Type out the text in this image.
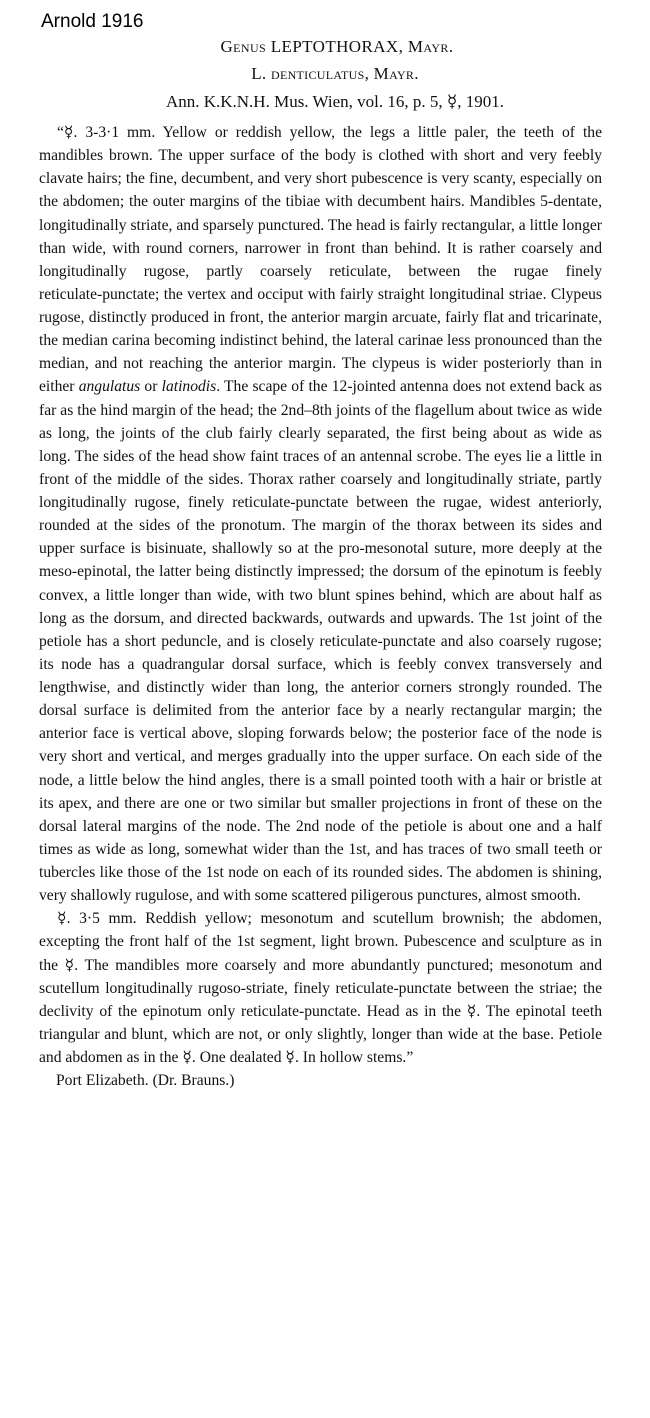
Arnold 1916
Genus LEPTOTHORAX, Mayr.
L. denticulatus, Mayr.
Ann. K.K.N.H. Mus. Wien, vol. 16, p. 5, ☿, 1901.

“☿. 3‑3·1 mm. Yellow or reddish yellow, the legs a little paler, the teeth of the mandibles brown. The upper surface of the body is clothed with short and very feebly clavate hairs; the fine, decumbent, and very short pubescence is very scanty, especially on the abdomen; the outer margins of the tibiae with decumbent hairs. Mandibles 5‑dentate, longitudinally striate, and sparsely punctured. The head is fairly rectangular, a little longer than wide, with round corners, narrower in front than behind. It is rather coarsely and longitudinally rugose, partly coarsely reticulate, between the rugae finely reticulate‑punctate; the vertex and occiput with fairly straight longitudinal striae. Clypeus rugose, distinctly produced in front, the anterior margin arcuate, fairly flat and tricarinate, the median carina becoming indistinct behind, the lateral carinae less pronounced than the median, and not reaching the anterior margin. The clypeus is wider posteriorly than in either angulatus or latinodis. The scape of the 12‑jointed antenna does not extend back as far as the hind margin of the head; the 2nd–8th joints of the flagellum about twice as wide as long, the joints of the club fairly clearly separated, the first being about as wide as long. The sides of the head show faint traces of an antennal scrobe. The eyes lie a little in front of the middle of the sides. Thorax rather coarsely and longitudinally striate, partly longitudinally rugose, finely reticulate‑punctate between the rugae, widest anteriorly, rounded at the sides of the pronotum. The margin of the thorax between its sides and upper surface is bisinuate, shallowly so at the pro‑mesonotal suture, more deeply at the meso‑epinotal, the latter being distinctly impressed; the dorsum of the epinotum is feebly convex, a little longer than wide, with two blunt spines behind, which are about half as long as the dorsum, and directed backwards, outwards and upwards. The 1st joint of the petiole has a short peduncle, and is closely reticulate‑punctate and also coarsely rugose; its node has a quadrangular dorsal surface, which is feebly convex transversely and lengthwise, and distinctly wider than long, the anterior corners strongly rounded. The dorsal surface is delimited from the anterior face by a nearly rectangular margin; the anterior face is vertical above, sloping forwards below; the posterior face of the node is very short and vertical, and merges gradually into the upper surface. On each side of the node, a little below the hind angles, there is a small pointed tooth with a hair or bristle at its apex, and there are one or two similar but smaller projections in front of these on the dorsal lateral margins of the node. The 2nd node of the petiole is about one and a half times as wide as long, somewhat wider than the 1st, and has traces of two small teeth or tubercles like those of the 1st node on each of its rounded sides. The abdomen is shining, very shallowly rugulose, and with some scattered piligerous punctures, almost smooth.

☿. 3·5 mm. Reddish yellow; mesonotum and scutellum brownish; the abdomen, excepting the front half of the 1st segment, light brown. Pubescence and sculpture as in the ☿. The mandibles more coarsely and more abundantly punctured; mesonotum and scutellum longitudinally rugoso‑striate, finely reticulate‑punctate between the striae; the declivity of the epinotum only reticulate‑punctate. Head as in the ☿. The epinotal teeth triangular and blunt, which are not, or only slightly, longer than wide at the base. Petiole and abdomen as in the ☿. One dealated ☿. In hollow stems.”

Port Elizabeth. (Dr. Brauns.)
